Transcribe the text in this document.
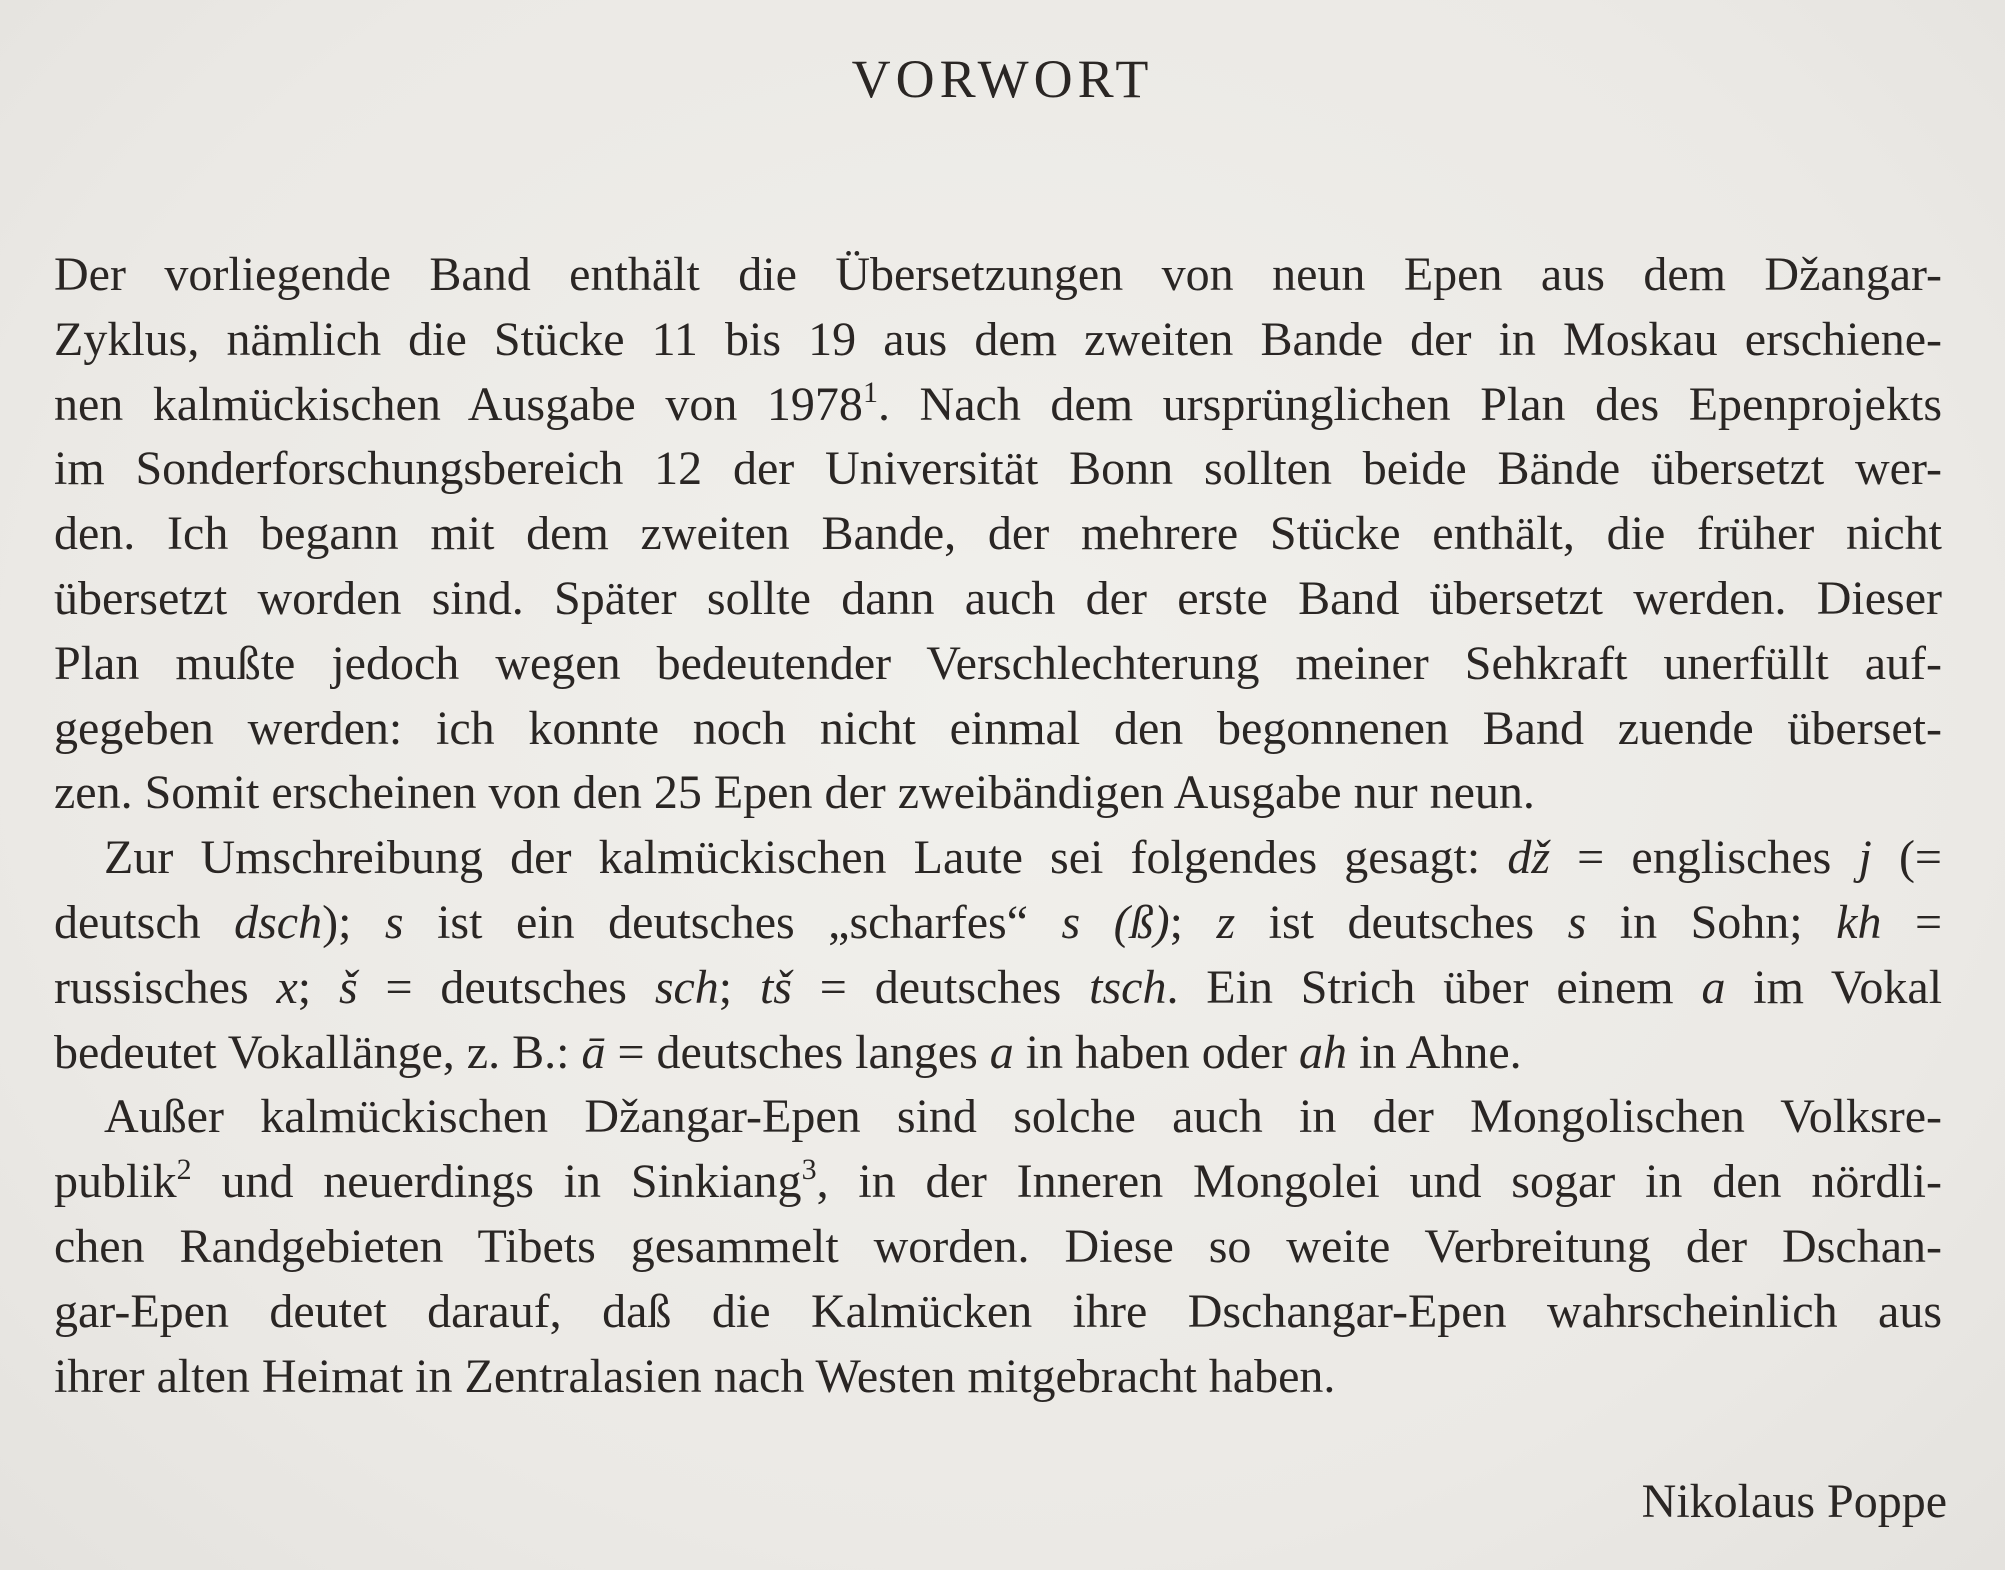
VORWORT
Der vorliegende Band enthält die Übersetzungen von neun Epen aus dem Džangar-
Zyklus, nämlich die Stücke 11 bis 19 aus dem zweiten Bande der in Moskau erschiene-
nen kalmückischen Ausgabe von 1978$^1$. Nach dem ursprünglichen Plan des Epenprojekts
im Sonderforschungsbereich 12 der Universität Bonn sollten beide Bände übersetzt wer-
den. Ich begann mit dem zweiten Bande, der mehrere Stücke enthält, die früher nicht
übersetzt worden sind. Später sollte dann auch der erste Band übersetzt werden. Dieser
Plan mußte jedoch wegen bedeutender Verschlechterung meiner Sehkraft unerfüllt auf-
gegeben werden: ich konnte noch nicht einmal den begonnenen Band zuende überset-
zen. Somit erscheinen von den 25 Epen der zweibändigen Ausgabe nur neun.
Zur Umschreibung der kalmückischen Laute sei folgendes gesagt: dž = englisches j (=
deutsch dsch); s ist ein deutsches „scharfes“ s (ß); z ist deutsches s in Sohn; kh =
russisches x; š = deutsches sch; tš = deutsches tsch. Ein Strich über einem a im Vokal
bedeutet Vokallänge, z. B.: ā = deutsches langes a in haben oder ah in Ahne.
Außer kalmückischen Džangar-Epen sind solche auch in der Mongolischen Volksre-
publik$^2$ und neuerdings in Sinkiang$^3$, in der Inneren Mongolei und sogar in den nördli-
chen Randgebieten Tibets gesammelt worden. Diese so weite Verbreitung der Dschan-
gar-Epen deutet darauf, daß die Kalmücken ihre Dschangar-Epen wahrscheinlich aus
ihrer alten Heimat in Zentralasien nach Westen mitgebracht haben.
Nikolaus Poppe
